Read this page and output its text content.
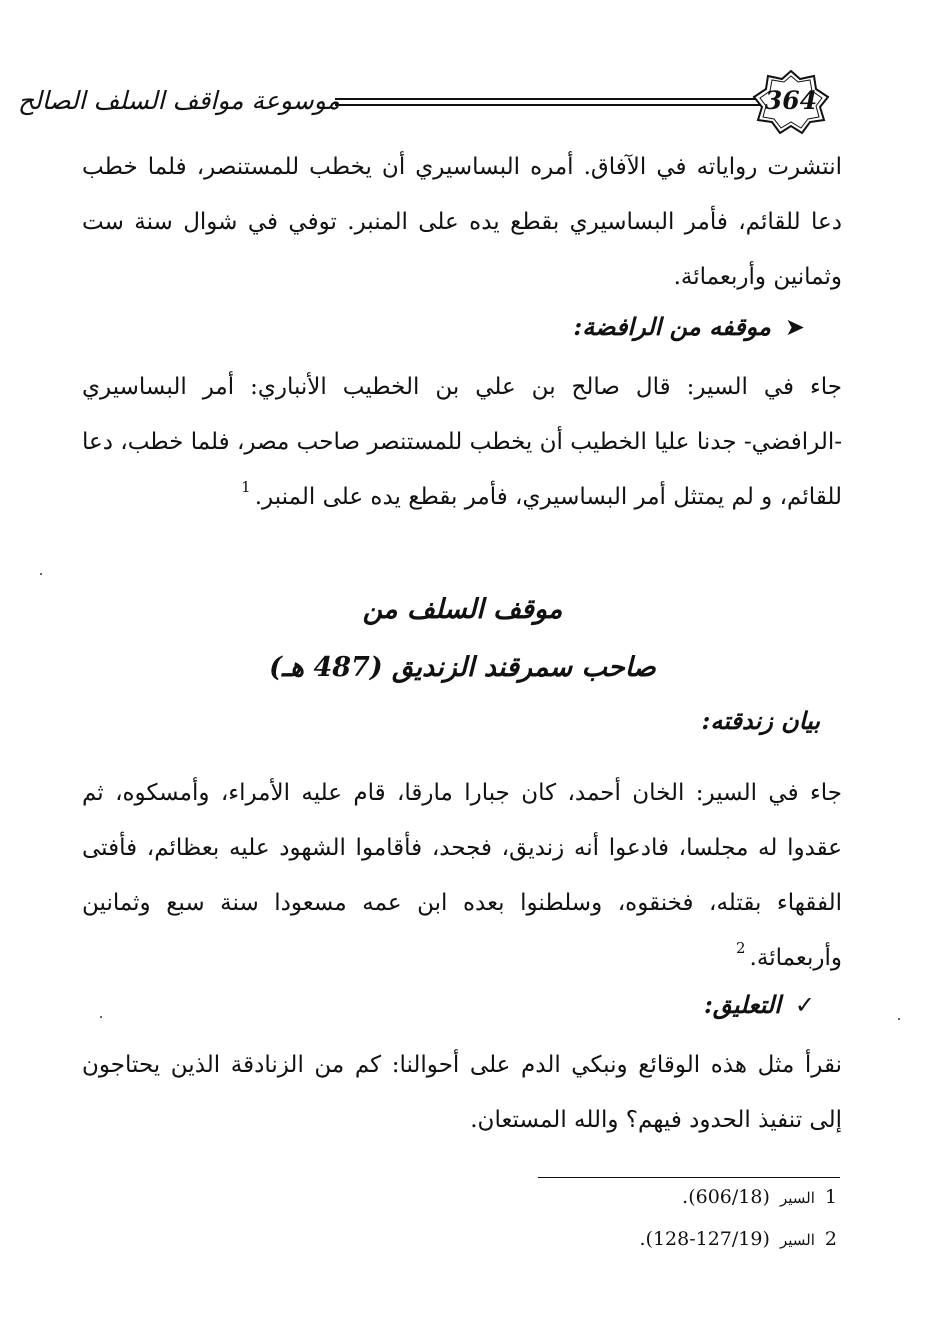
موسوعة مواقف السلف الصالح	364
انتشرت رواياته في الآفاق. أمره البساسيري أن يخطب للمستنصر، فلما خطب دعا للقائم، فأمر البساسيري بقطع يده على المنبر. توفي في شوال سنة ست وثمانين وأربعمائة.
➤موقفه من الرافضة:
جاء في السير: قال صالح بن علي بن الخطيب الأنباري: أمر البساسيري -الرافضي- جدنا عليا الخطيب أن يخطب للمستنصر صاحب مصر، فلما خطب، دعا للقائم، و لم يمتثل أمر البساسيري، فأمر بقطع يده على المنبر.$^1$
موقف السلف من
صاحب سمرقند الزنديق (487 هـ)
بيان زندقته:
جاء في السير: الخان أحمد، كان جبارا مارقا، قام عليه الأمراء، وأمسكوه، ثم عقدوا له مجلسا، فادعوا أنه زنديق، فجحد، فأقاموا الشهود عليه بعظائم، فأفتى الفقهاء بقتله، فخنقوه، وسلطنوا بعده ابن عمه مسعودا سنة سبع وثمانين وأربعمائة.$^2$
✓التعليق:
نقرأ مثل هذه الوقائع ونبكي الدم على أحوالنا: كم من الزنادقة الذين يحتاجون إلى تنفيذ الحدود فيهم؟ والله المستعان.
1 السير (606/18).
2 السير (127/19-128).
